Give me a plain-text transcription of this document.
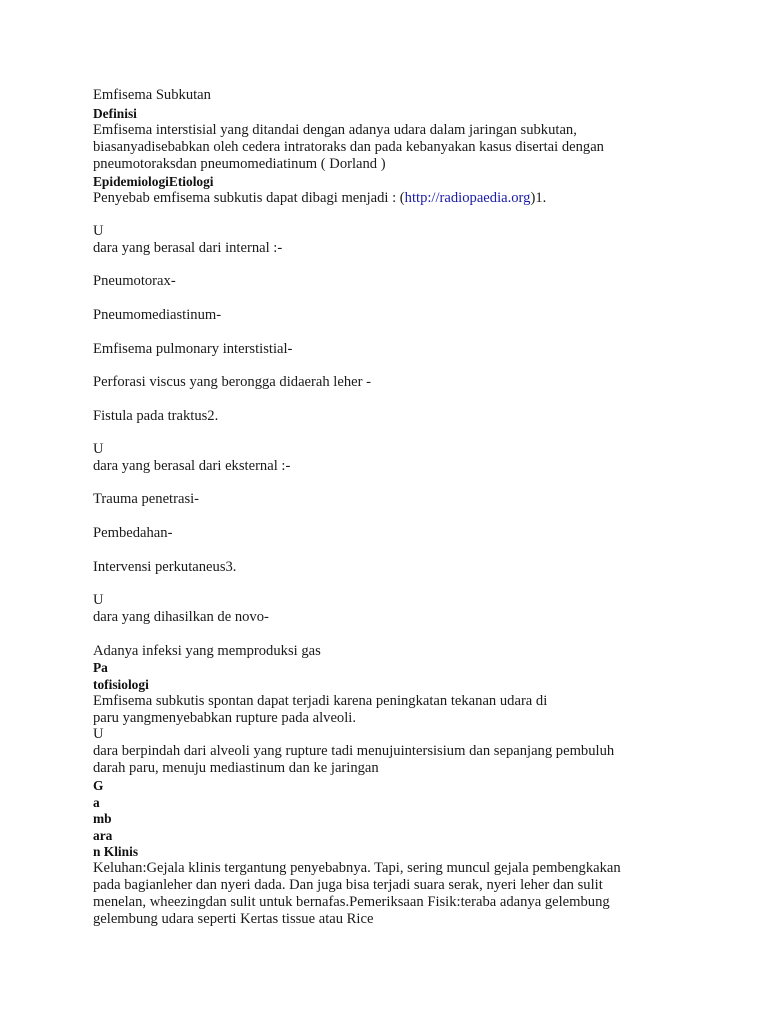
Emfisema Subkutan
Definisi
Emfisema interstisial yang ditandai dengan adanya udara dalam jaringan subkutan,
biasanyadisebabkan oleh cedera intratoraks dan pada kebanyakan kasus disertai dengan
pneumotoraksdan pneumomediatinum ( Dorland )
EpidemiologiEtiologi
Penyebab emfisema subkutis dapat dibagi menjadi : (http://radiopaedia.org)1.
U
dara yang berasal dari internal :-
Pneumotorax-
Pneumomediastinum-
Emfisema pulmonary interstistial-
Perforasi viscus yang berongga didaerah leher -
Fistula pada traktus2.
U
dara yang berasal dari eksternal :-
Trauma penetrasi-
Pembedahan-
Intervensi perkutaneus3.
U
dara yang dihasilkan de novo-
Adanya infeksi yang memproduksi gas
Pa
tofisiologi
Emfisema subkutis spontan dapat terjadi karena peningkatan tekanan udara di
paru yangmenyebabkan rupture pada alveoli.
U
dara berpindah dari alveoli yang rupture tadi menujuintersisium dan sepanjang pembuluh
darah paru, menuju mediastinum dan ke jaringan
G
a
mb
ara
n Klinis
Keluhan:Gejala klinis tergantung penyebabnya. Tapi, sering muncul gejala pembengkakan
pada bagianleher dan nyeri dada. Dan juga bisa terjadi suara serak, nyeri leher dan sulit
menelan, wheezingdan sulit untuk bernafas.Pemeriksaan Fisik:teraba adanya gelembung
gelembung udara seperti Kertas tissue atau Rice
